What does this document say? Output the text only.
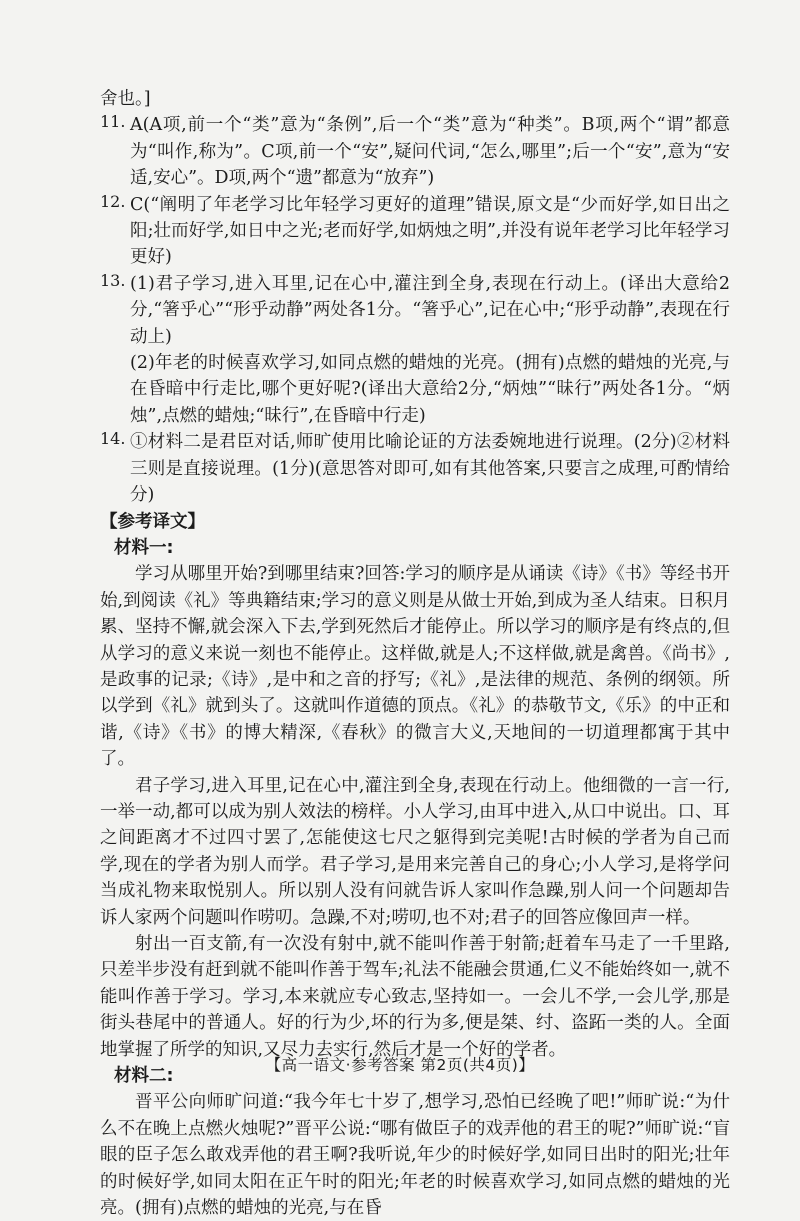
舍也。]

11. A(A项,前一个“类”意为“条例”,后一个“类”意为“种类”。B项,两个“谓”都意为“叫作,称为”。C项,前一个“安”,疑问代词,“怎么,哪里”;后一个“安”,意为“安适,安心”。D项,两个“遗”都意为“放弃”)

12. C(“阐明了年老学习比年轻学习更好的道理”错误,原文是“少而好学,如日出之阳;壮而好学,如日中之光;老而好学,如炳烛之明”,并没有说年老学习比年轻学习更好)

13. (1)君子学习,进入耳里,记在心中,灌注到全身,表现在行动上。(译出大意给2分,“箸乎心”“形乎动静”两处各1分。“箸乎心”,记在心中;“形乎动静”,表现在行动上)

(2)年老的时候喜欢学习,如同点燃的蜡烛的光亮。(拥有)点燃的蜡烛的光亮,与在昏暗中行走比,哪个更好呢?(译出大意给2分,“炳烛”“昧行”两处各1分。“炳烛”,点燃的蜡烛;“昧行”,在昏暗中行走)

14. ①材料二是君臣对话,师旷使用比喻论证的方法委婉地进行说理。(2分)②材料三则是直接说理。(1分)(意思答对即可,如有其他答案,只要言之成理,可酌情给分)

【参考译文】

材料一:

学习从哪里开始?到哪里结束?回答:学习的顺序是从诵读《诗》《书》等经书开始,到阅读《礼》等典籍结束;学习的意义则是从做士开始,到成为圣人结束。日积月累、坚持不懈,就会深入下去,学到死然后才能停止。所以学习的顺序是有终点的,但从学习的意义来说一刻也不能停止。这样做,就是人;不这样做,就是禽兽。《尚书》,是政事的记录;《诗》,是中和之音的抒写;《礼》,是法律的规范、条例的纲领。所以学到《礼》就到头了。这就叫作道德的顶点。《礼》的恭敬节文,《乐》的中正和谐,《诗》《书》的博大精深,《春秋》的微言大义,天地间的一切道理都寓于其中了。

君子学习,进入耳里,记在心中,灌注到全身,表现在行动上。他细微的一言一行,一举一动,都可以成为别人效法的榜样。小人学习,由耳中进入,从口中说出。口、耳之间距离才不过四寸罢了,怎能使这七尺之躯得到完美呢!古时候的学者为自己而学,现在的学者为别人而学。君子学习,是用来完善自己的身心;小人学习,是将学问当成礼物来取悦别人。所以别人没有问就告诉人家叫作急躁,别人问一个问题却告诉人家两个问题叫作唠叨。急躁,不对;唠叨,也不对;君子的回答应像回声一样。

射出一百支箭,有一次没有射中,就不能叫作善于射箭;赶着车马走了一千里路,只差半步没有赶到就不能叫作善于驾车;礼法不能融会贯通,仁义不能始终如一,就不能叫作善于学习。学习,本来就应专心致志,坚持如一。一会儿不学,一会儿学,那是街头巷尾中的普通人。好的行为少,坏的行为多,便是桀、纣、盗跖一类的人。全面地掌握了所学的知识,又尽力去实行,然后才是一个好的学者。

材料二:

晋平公向师旷问道:“我今年七十岁了,想学习,恐怕已经晚了吧!”师旷说:“为什么不在晚上点燃火烛呢?”晋平公说:“哪有做臣子的戏弄他的君王的呢?”师旷说:“盲眼的臣子怎么敢戏弄他的君王啊?我听说,年少的时候好学,如同日出时的阳光;壮年的时候好学,如同太阳在正午时的阳光;年老的时候喜欢学习,如同点燃的蜡烛的光亮。(拥有)点燃的蜡烛的光亮,与在昏

【高一语文·参考答案 第2页(共4页)】
